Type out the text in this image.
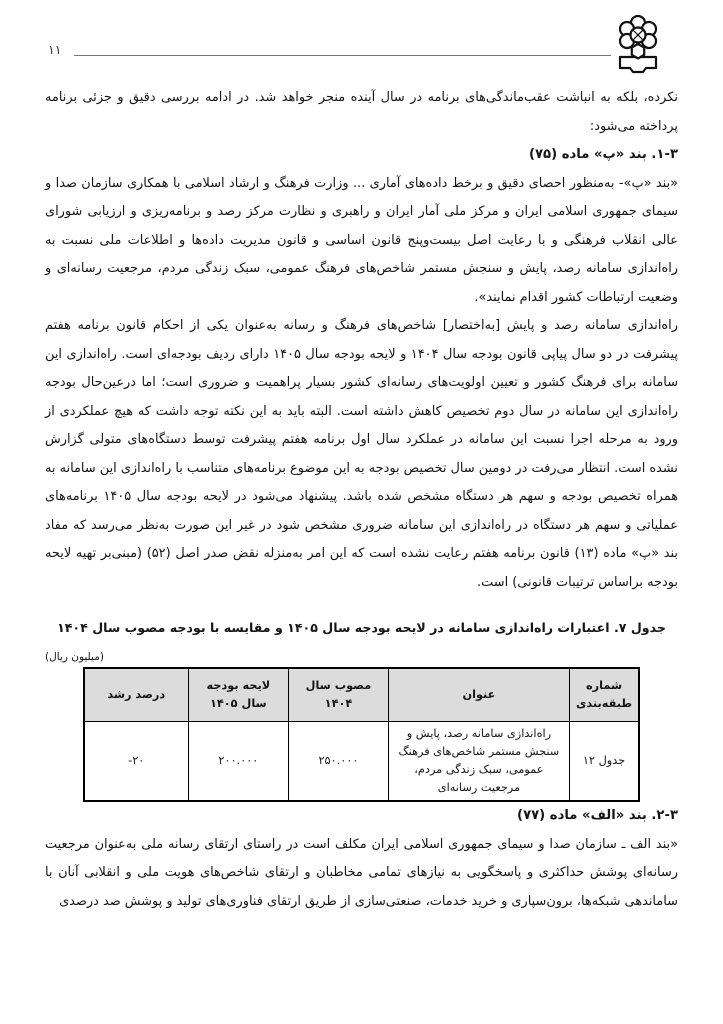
۱۱

نکرده، بلکه به انباشت عقب‌ماندگی‌های برنامه در سال آینده منجر خواهد شد. در ادامه بررسی دقیق و جزئی برنامه پرداخته می‌شود:

۱-۳. بند «پ» ماده (۷۵)

«بند «پ»- به‌منظور احصای دقیق و برخط داده‌های آماری ... وزارت فرهنگ و ارشاد اسلامی با همکاری سازمان صدا و سیمای جمهوری اسلامی ایران و مرکز ملی آمار ایران و راهبری و نظارت مرکز رصد و برنامه‌ریزی و ارزیابی شورای عالی انقلاب فرهنگی و با رعایت اصل بیست‌وپنج قانون اساسی و قانون مدیریت داده‌ها و اطلاعات ملی نسبت به راه‌اندازی سامانه رصد، پایش و سنجش مستمر شاخص‌های فرهنگ عمومی، سبک زندگی مردم، مرجعیت رسانه‌ای و وضعیت ارتباطات کشور اقدام نمایند».

راه‌اندازی سامانه رصد و پایش [به‌اختصار] شاخص‌های فرهنگ و رسانه به‌عنوان یکی از احکام قانون برنامه هفتم پیشرفت در دو سال پیاپی قانون بودجه سال ۱۴۰۴ و لایحه بودجه سال ۱۴۰۵ دارای ردیف بودجه‌ای است. راه‌اندازی این سامانه برای فرهنگ کشور و تعیین اولویت‌های رسانه‌ای کشور بسیار پراهمیت و ضروری است؛ اما درعین‌حال بودجه راه‌اندازی این سامانه در سال دوم تخصیص کاهش داشته است. البته باید به این نکته توجه داشت که هیچ عملکردی از ورود به مرحله اجرا نسبت این سامانه در عملکرد سال اول برنامه هفتم پیشرفت توسط دستگاه‌های متولی گزارش نشده است. انتظار می‌رفت در دومین سال تخصیص بودجه به این موضوع برنامه‌های متناسب با راه‌اندازی این سامانه به همراه تخصیص بودجه و سهم هر دستگاه مشخص شده باشد. پیشنهاد می‌شود در لایحه بودجه سال ۱۴۰۵ برنامه‌های عملیاتی و سهم هر دستگاه در راه‌اندازی این سامانه ضروری مشخص شود در غیر این صورت به‌نظر می‌رسد که مفاد بند «پ» ماده (۱۳) قانون برنامه هفتم رعایت نشده است که این امر به‌منزله نقض صدر اصل (۵۲) (مبنی‌بر تهیه لایحه بودجه براساس ترتیبات قانونی) است.

جدول ۷. اعتبارات راه‌اندازی سامانه در لایحه بودجه سال ۱۴۰۵ و مقایسه با بودجه مصوب سال ۱۴۰۴
(میلیون ریال)
شماره طبقه‌بندی	عنوان	مصوب سال ۱۴۰۴	لایحه بودجه سال ۱۴۰۵	درصد رشد
جدول ۱۲	راه‌اندازی سامانه رصد، پایش و سنجش مستمر شاخص‌های فرهنگ عمومی، سبک زندگی مردم، مرجعیت رسانه‌ای	۲۵۰.۰۰۰	۲۰۰.۰۰۰	-۲۰

۲-۳. بند «الف» ماده (۷۷)

«بند الف ـ سازمان صدا و سیمای جمهوری اسلامی ایران مکلف است در راستای ارتقای رسانه ملی به‌عنوان مرجعیت رسانه‌ای پوشش حداکثری و پاسخگویی به نیازهای تمامی مخاطبان و ارتقای شاخص‌های هویت ملی و انقلابی آنان با ساماندهی شبکه‌ها، برون‌سپاری و خرید خدمات، صنعتی‌سازی از طریق ارتقای فناوری‌های تولید و پوشش صد درصدی
